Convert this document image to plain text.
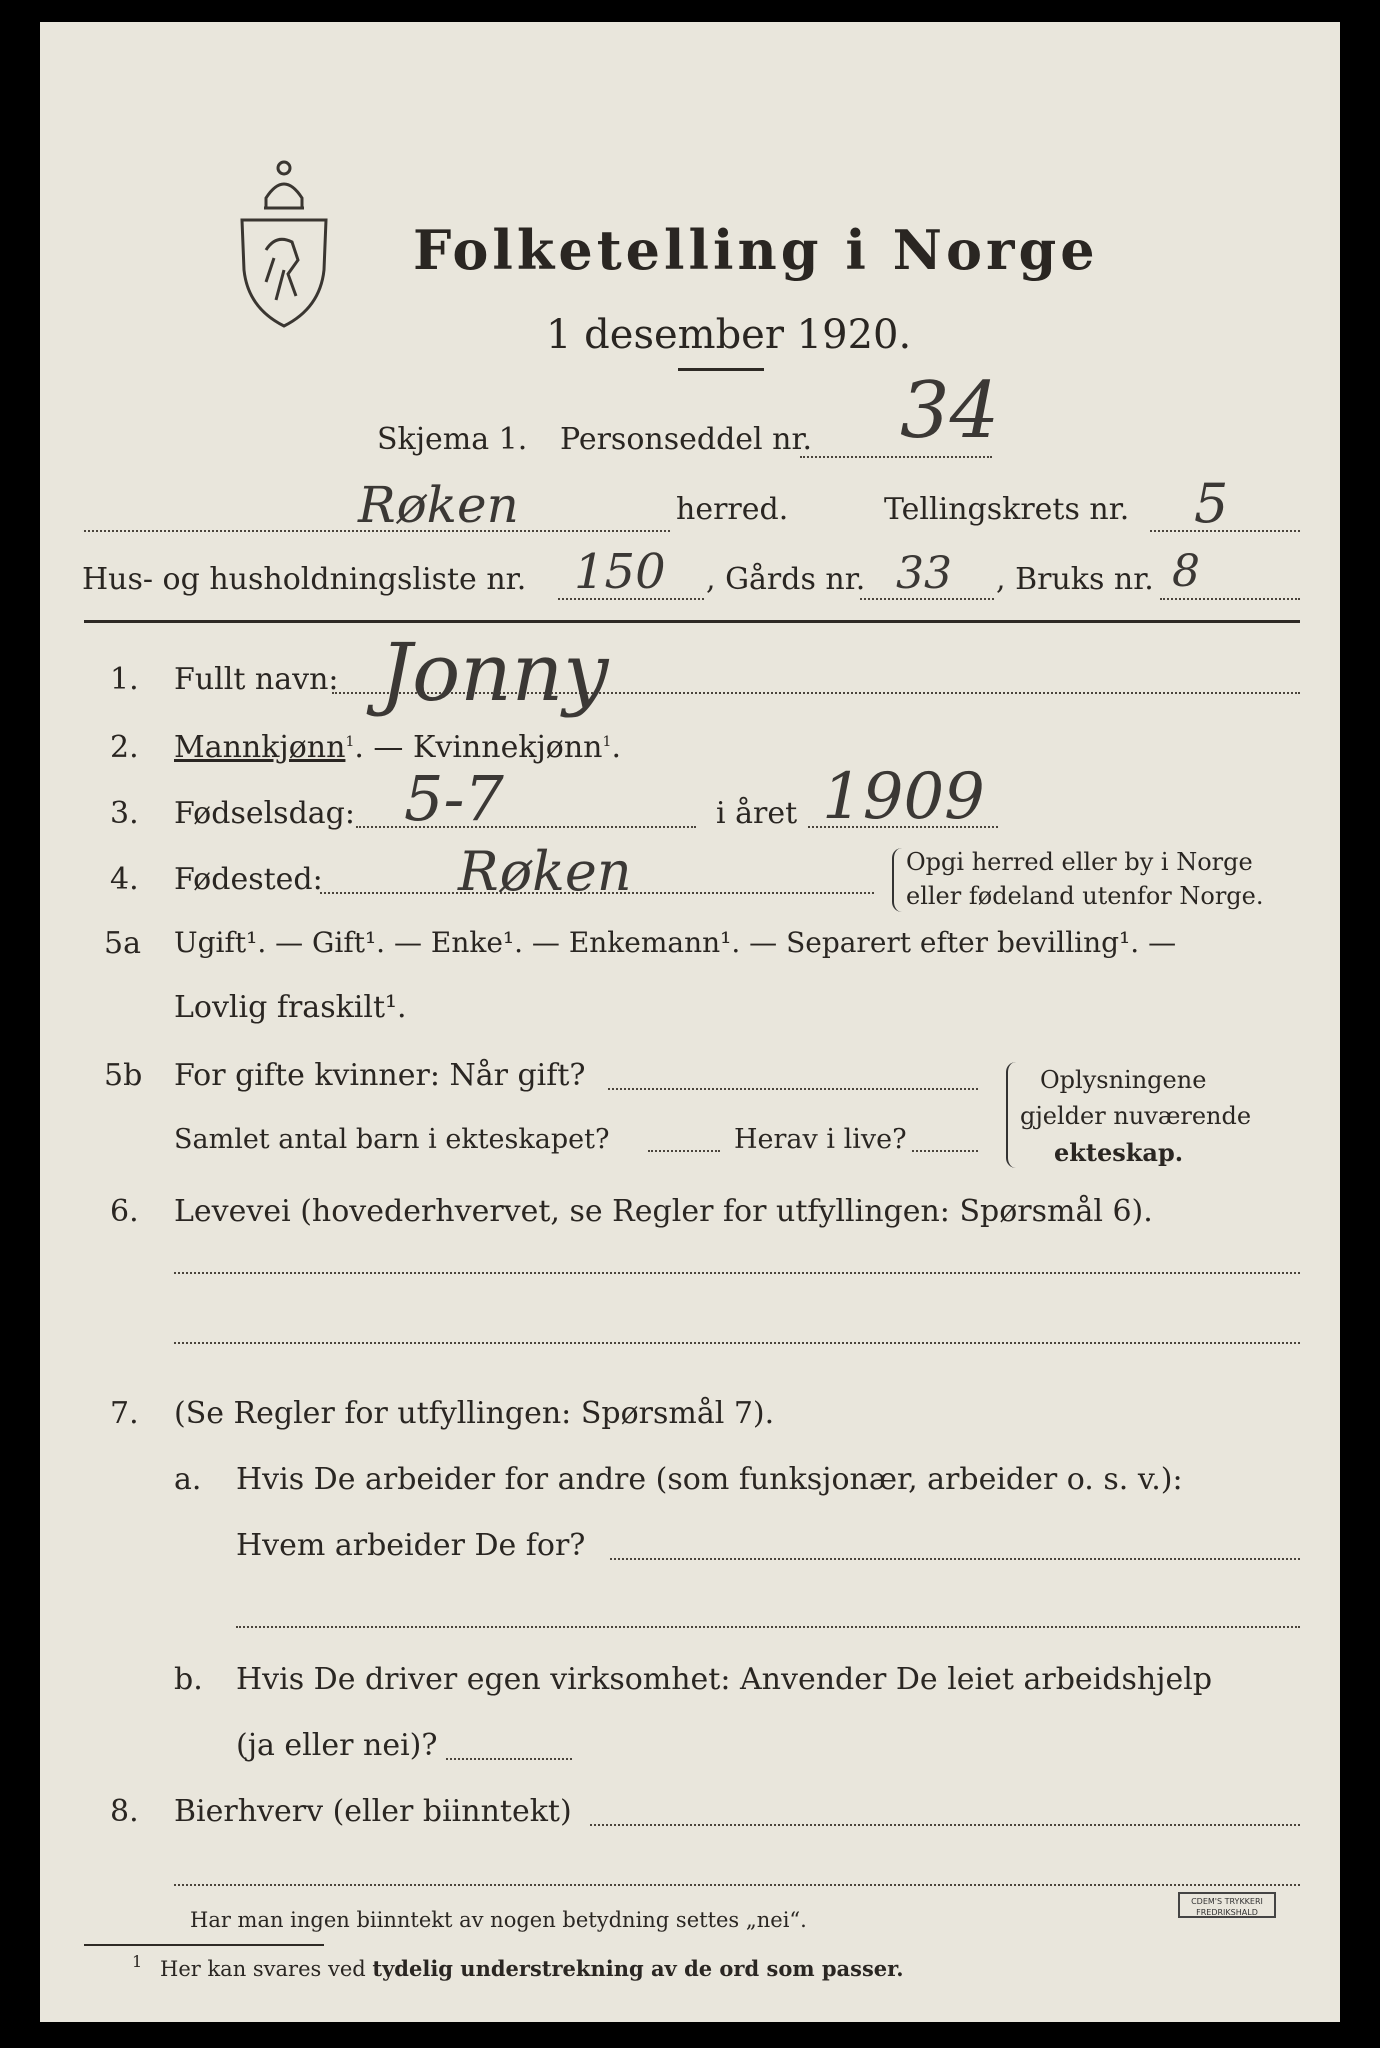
Folketelling i Norge
1 desember 1920.
Skjema 1. Personseddel nr. 34
Røken	herred.	Tellingskrets nr. 5
Hus- og husholdningsliste nr. 150 , Gårds nr. 33 , Bruks nr. 8
1. Fullt navn: Jonny
2. Mannkjønn$^1$. — Kvinnekjønn$^1$.
3. Fødselsdag: 5-7	i året 1909
4. Fødested:	Røken	Opgi herred eller by i Norge
eller fødeland utenfor Norge.
5a Ugift¹. — Gift¹. — Enke¹. — Enkemann¹. — Separert efter bevilling¹. —
Lovlig fraskilt¹.
5b For gifte kvinner: Når gift?
Samlet antal barn i ekteskapet?	Herav i live?
Oplysningene
gjelder nuværende
ekteskap.
6. Levevei (hovederhvervet, se Regler for utfyllingen: Spørsmål 6).
7. (Se Regler for utfyllingen: Spørsmål 7).
a. Hvis De arbeider for andre (som funksjonær, arbeider o. s. v.):
Hvem arbeider De for?
b. Hvis De driver egen virksomhet: Anvender De leiet arbeidshjelp
(ja eller nei)?
8. Bierhverv (eller biinntekt)
Har man ingen biinntekt av nogen betydning settes „nei“.
1 Her kan svares ved tydelig understrekning av de ord som passer.
CDEM'S TRYKKERI
FREDRIKSHALD
